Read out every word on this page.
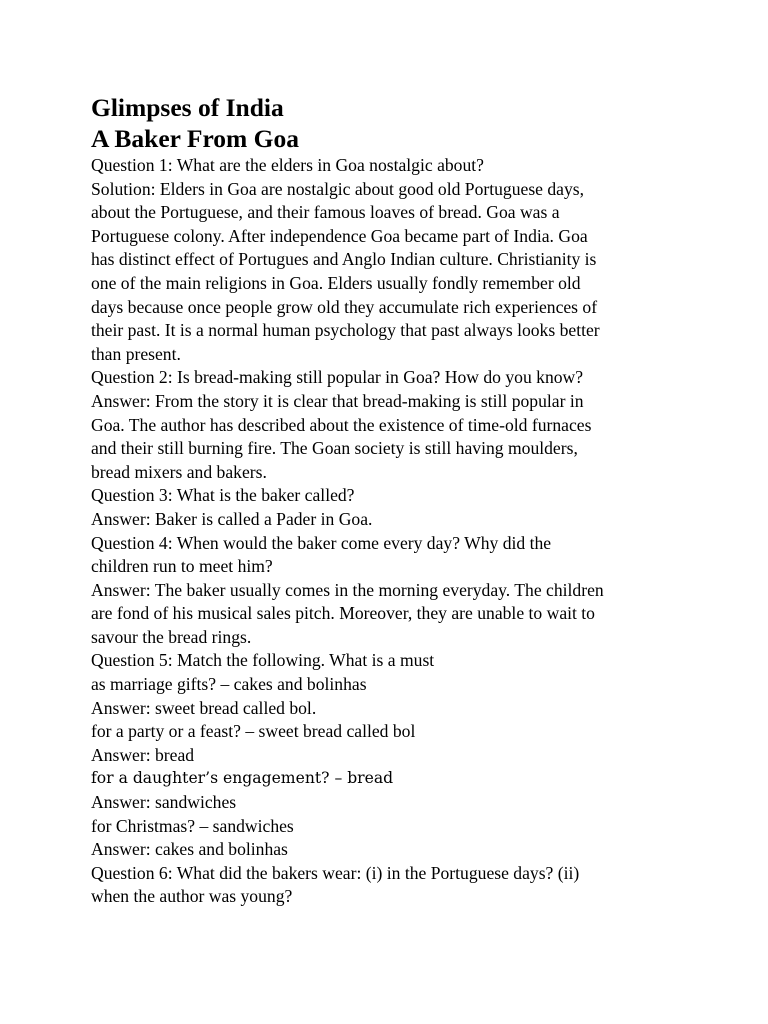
Glimpses of India
A Baker From Goa
Question 1: What are the elders in Goa nostalgic about?
Solution: Elders in Goa are nostalgic about good old Portuguese days,
about the Portuguese, and their famous loaves of bread. Goa was a
Portuguese colony. After independence Goa became part of India. Goa
has distinct effect of Portugues and Anglo Indian culture. Christianity is
one of the main religions in Goa. Elders usually fondly remember old
days because once people grow old they accumulate rich experiences of
their past. It is a normal human psychology that past always looks better
than present.
Question 2: Is bread-making still popular in Goa? How do you know?
Answer: From the story it is clear that bread-making is still popular in
Goa. The author has described about the existence of time-old furnaces
and their still burning fire. The Goan society is still having moulders,
bread mixers and bakers.
Question 3: What is the baker called?
Answer: Baker is called a Pader in Goa.
Question 4: When would the baker come every day? Why did the
children run to meet him?
Answer: The baker usually comes in the morning everyday. The children
are fond of his musical sales pitch. Moreover, they are unable to wait to
savour the bread rings.
Question 5: Match the following. What is a must
as marriage gifts? – cakes and bolinhas
Answer: sweet bread called bol.
for a party or a feast? – sweet bread called bol
Answer: bread
for a daughter’s engagement? – bread
Answer: sandwiches
for Christmas? – sandwiches
Answer: cakes and bolinhas
Question 6: What did the bakers wear: (i) in the Portuguese days? (ii)
when the author was young?
